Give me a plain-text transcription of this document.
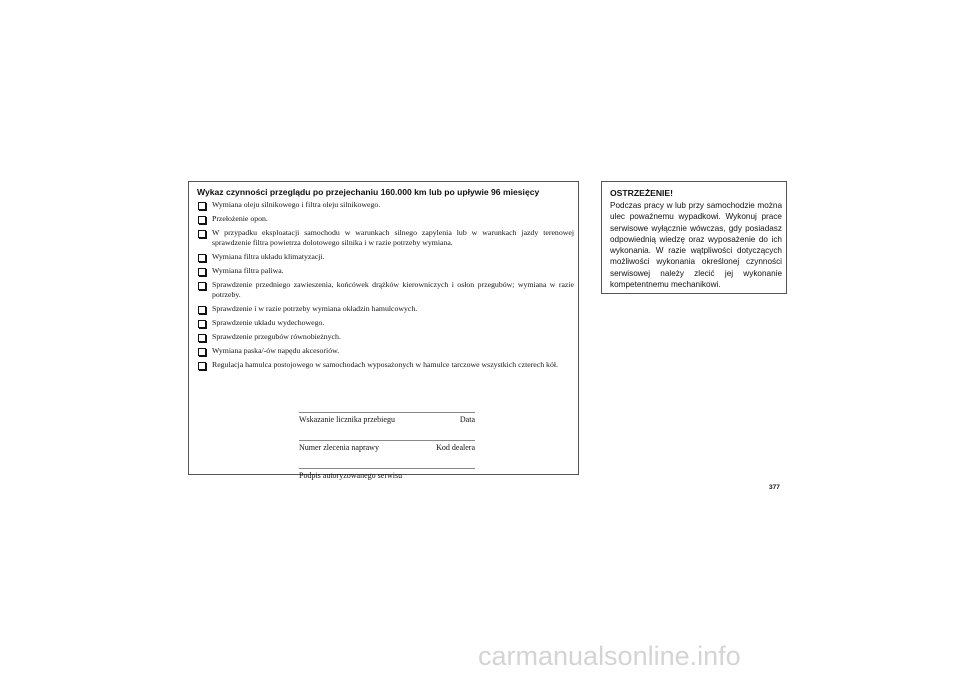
Wykaz czynności przeglądu po przejechaniu 160.000 km lub po upływie 96 miesięcy
Wymiana oleju silnikowego i filtra oleju silnikowego.
Przełożenie opon.
W przypadku eksploatacji samochodu w warunkach silnego zapylenia lub w warunkach jazdy terenowej sprawdzenie filtra powietrza dolotowego silnika i w razie potrzeby wymiana.
Wymiana filtra układu klimatyzacji.
Wymiana filtra paliwa.
Sprawdzenie przedniego zawieszenia, końcówek drążków kierowniczych i osłon przegubów; wymiana w razie potrzeby.
Sprawdzenie i w razie potrzeby wymiana okładzin hamulcowych.
Sprawdzenie układu wydechowego.
Sprawdzenie przegubów równobieżnych.
Wymiana paska/-ów napędu akcesoriów.
Regulacja hamulca postojowego w samochodach wyposażonych w hamulce tarczowe wszystkich czterech kół.
Wskazanie licznika przebiegu	Data
Numer zlecenia naprawy	Kod dealera
Podpis autoryzowanego serwisu
OSTRZEŻENIE!
Podczas pracy w lub przy samochodzie można ulec poważnemu wypadkowi. Wykonuj prace serwisowe wyłącznie wówczas, gdy posiadasz odpowiednią wiedzę oraz wyposażenie do ich wykonania. W razie wątpliwości dotyczących możliwości wykonania określonej czynności serwisowej należy zlecić jej wykonanie kompetentnemu mechanikowi.
377
carmanualsonline.info
